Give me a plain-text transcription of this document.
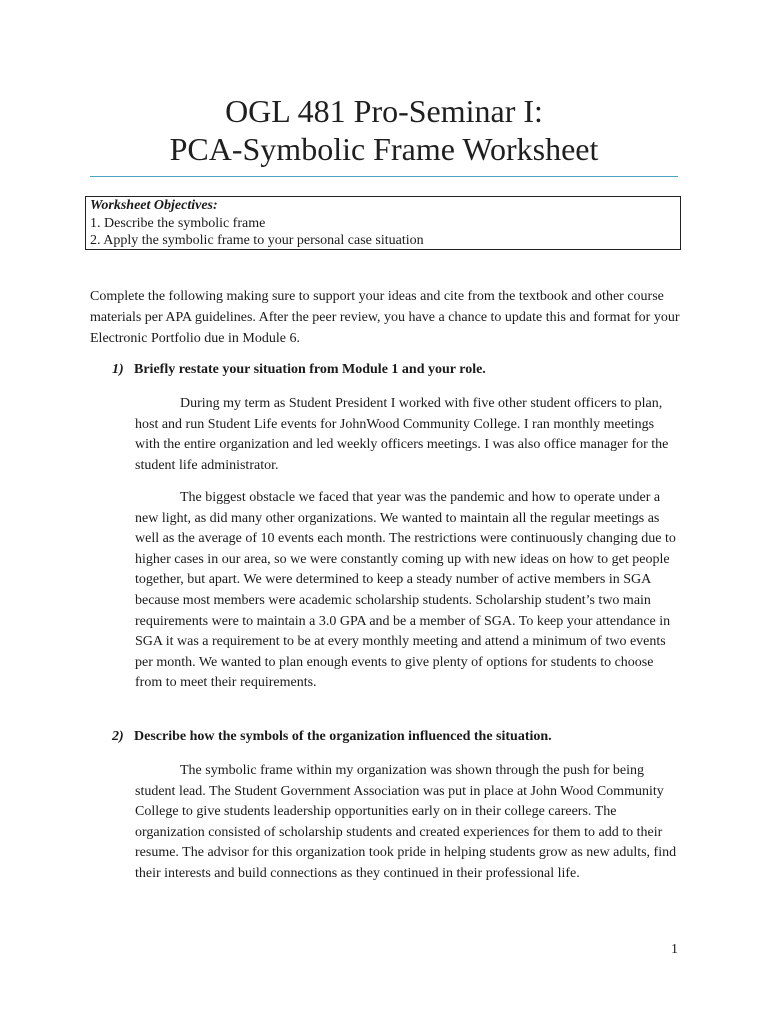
OGL 481 Pro-Seminar I:
PCA-Symbolic Frame Worksheet
Worksheet Objectives:
1. Describe the symbolic frame
2. Apply the symbolic frame to your personal case situation

Complete the following making sure to support your ideas and cite from the textbook and other course materials per APA guidelines. After the peer review, you have a chance to update this and format for your Electronic Portfolio due in Module 6.

1) Briefly restate your situation from Module 1 and your role.

During my term as Student President I worked with five other student officers to plan, host and run Student Life events for JohnWood Community College. I ran monthly meetings with the entire organization and led weekly officers meetings. I was also office manager for the student life administrator.

The biggest obstacle we faced that year was the pandemic and how to operate under a new light, as did many other organizations. We wanted to maintain all the regular meetings as well as the average of 10 events each month. The restrictions were continuously changing due to higher cases in our area, so we were constantly coming up with new ideas on how to get people together, but apart. We were determined to keep a steady number of active members in SGA because most members were academic scholarship students. Scholarship student’s two main requirements were to maintain a 3.0 GPA and be a member of SGA. To keep your attendance in SGA it was a requirement to be at every monthly meeting and attend a minimum of two events per month. We wanted to plan enough events to give plenty of options for students to choose from to meet their requirements.

2) Describe how the symbols of the organization influenced the situation.

The symbolic frame within my organization was shown through the push for being student lead. The Student Government Association was put in place at John Wood Community College to give students leadership opportunities early on in their college careers. The organization consisted of scholarship students and created experiences for them to add to their resume. The advisor for this organization took pride in helping students grow as new adults, find their interests and build connections as they continued in their professional life.

1
